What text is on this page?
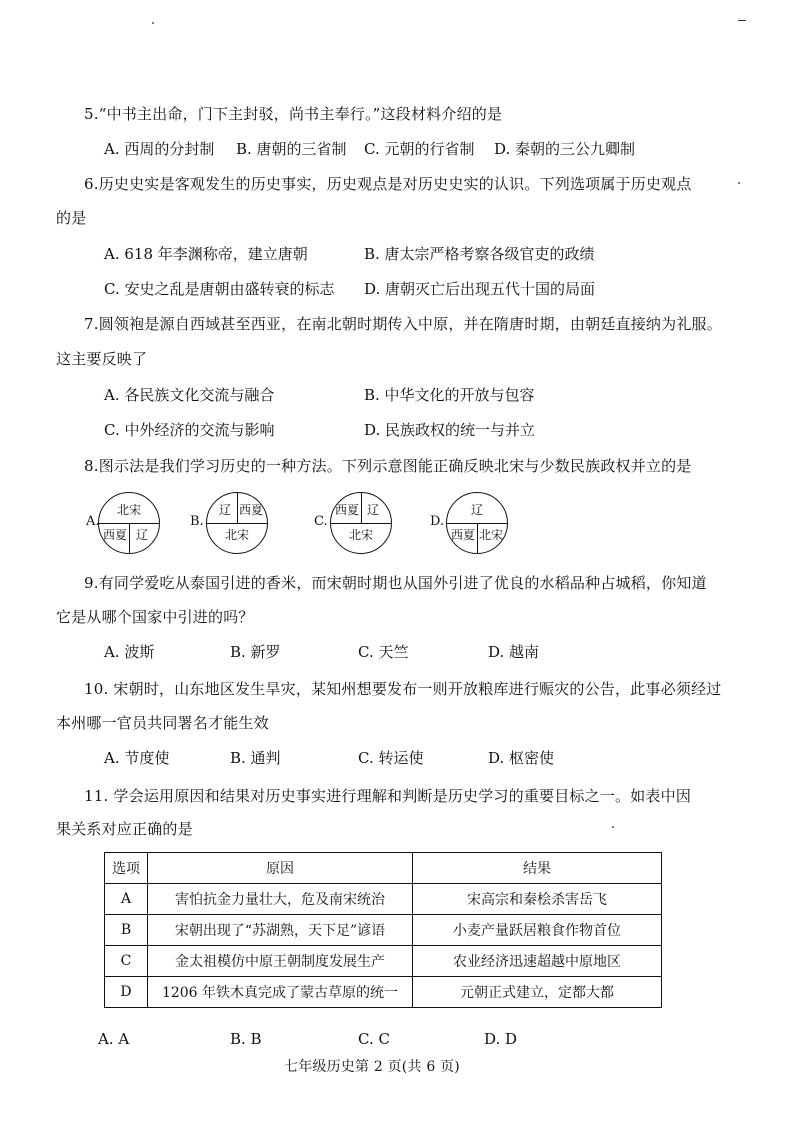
5.“中书主出命，门下主封驳，尚书主奉行。”这段材料介绍的是
A. 西周的分封制 B. 唐朝的三省制 C. 元朝的行省制 D. 秦朝的三公九卿制
6.历史史实是客观发生的历史事实，历史观点是对历史史实的认识。下列选项属于历史观点
的是
A. 618 年李渊称帝，建立唐朝	B. 唐太宗严格考察各级官吏的政绩
C. 安史之乱是唐朝由盛转衰的标志 D. 唐朝灭亡后出现五代十国的局面
7.圆领袍是源自西域甚至西亚，在南北朝时期传入中原，并在隋唐时期，由朝廷直接纳为礼服。
这主要反映了
A. 各民族文化交流与融合	B. 中华文化的开放与包容
C. 中外经济的交流与影响	D. 民族政权的统一与并立
8.图示法是我们学习历史的一种方法。下列示意图能正确反映北宋与少数民族政权并立的是
A.
北宋
西夏 辽
B.
辽 西夏
北宋
C.
西夏 辽
北宋
D.
辽
西夏 北宋
9.有同学爱吃从泰国引进的香米，而宋朝时期也从国外引进了优良的水稻品种占城稻，你知道
它是从哪个国家中引进的吗？
A. 波斯	B. 新罗	C. 天竺	D. 越南
10. 宋朝时，山东地区发生旱灾，某知州想要发布一则开放粮库进行赈灾的公告，此事必须经过
本州哪一官员共同署名才能生效
A. 节度使	B. 通判	C. 转运使	D. 枢密使
11. 学会运用原因和结果对历史事实进行理解和判断是历史学习的重要目标之一。如表中因
果关系对应正确的是
选项	原因	结果
A	害怕抗金力量壮大，危及南宋统治	宋高宗和秦桧杀害岳飞
B	宋朝出现了“苏湖熟，天下足”谚语	小麦产量跃居粮食作物首位
C	金太祖模仿中原王朝制度发展生产	农业经济迅速超越中原地区
D	1206 年铁木真完成了蒙古草原的统一	元朝正式建立，定都大都
A. A	B. B	C. C	D. D
七年级历史第 2 页(共 6 页)
